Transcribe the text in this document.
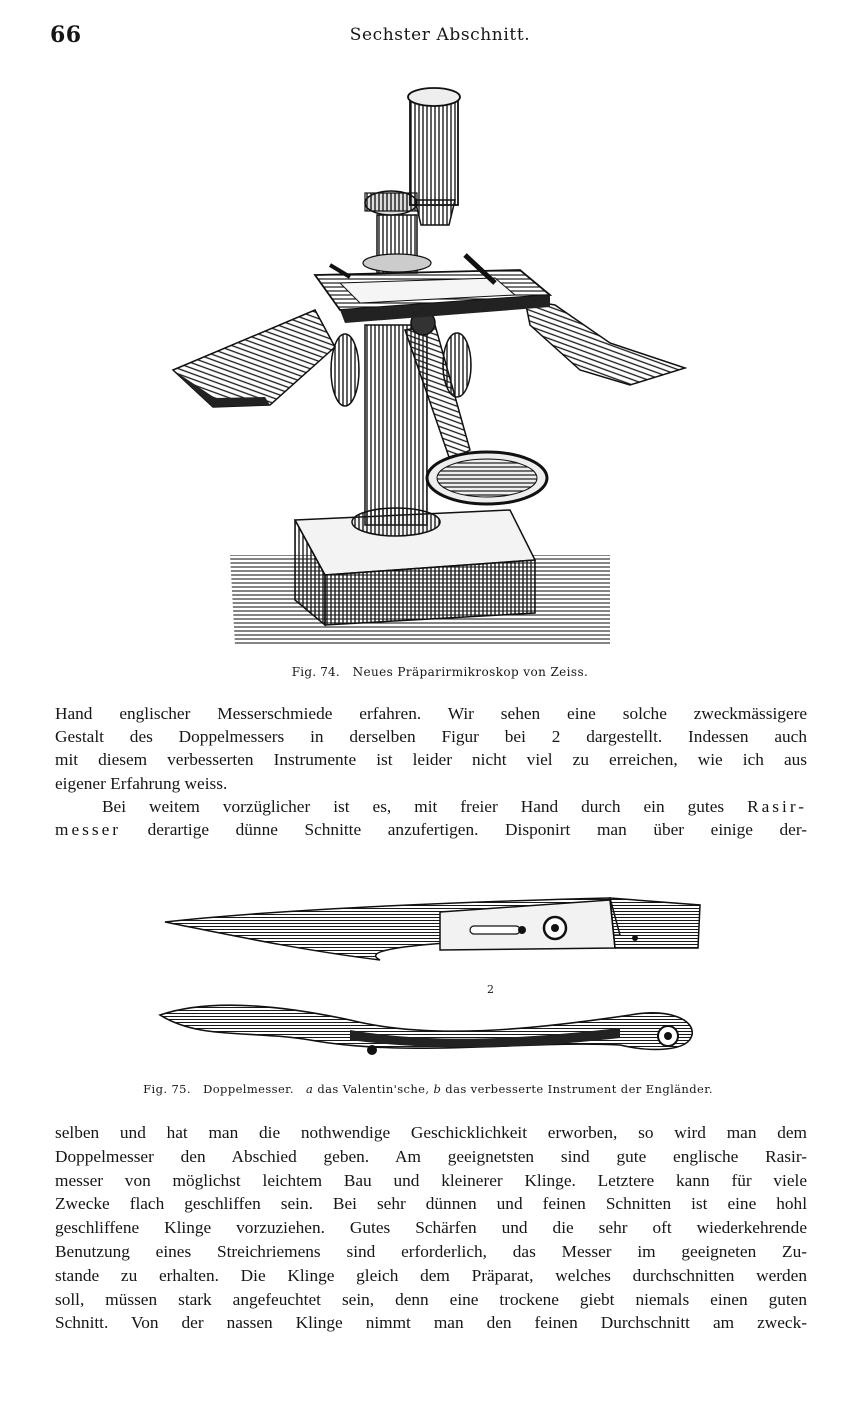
66	Sechster Abschnitt.
Fig. 74. Neues Präparirmikroskop von Zeiss.

Hand englischer Messerschmiede erfahren. Wir sehen eine solche zweckmässigere

Gestalt des Doppelmessers in derselben Figur bei 2 dargestellt. Indessen auch

mit diesem verbesserten Instrumente ist leider nicht viel zu erreichen, wie ich aus

eigener Erfahrung weiss.

Bei weitem vorzüglicher ist es, mit freier Hand durch ein gutes Rasir-

messer derartige dünne Schnitte anzufertigen. Disponirt man über einige der-

2
Fig. 75. Doppelmesser. a das Valentin'sche, b das verbesserte Instrument der Engländer.

selben und hat man die nothwendige Geschicklichkeit erworben, so wird man dem

Doppelmesser den Abschied geben. Am geeignetsten sind gute englische Rasir-

messer von möglichst leichtem Bau und kleinerer Klinge. Letztere kann für viele

Zwecke flach geschliffen sein. Bei sehr dünnen und feinen Schnitten ist eine hohl

geschliffene Klinge vorzuziehen. Gutes Schärfen und die sehr oft wiederkehrende

Benutzung eines Streichriemens sind erforderlich, das Messer im geeigneten Zu-

stande zu erhalten. Die Klinge gleich dem Präparat, welches durchschnitten werden

soll, müssen stark angefeuchtet sein, denn eine trockene giebt niemals einen guten

Schnitt. Von der nassen Klinge nimmt man den feinen Durchschnitt am zweck-
